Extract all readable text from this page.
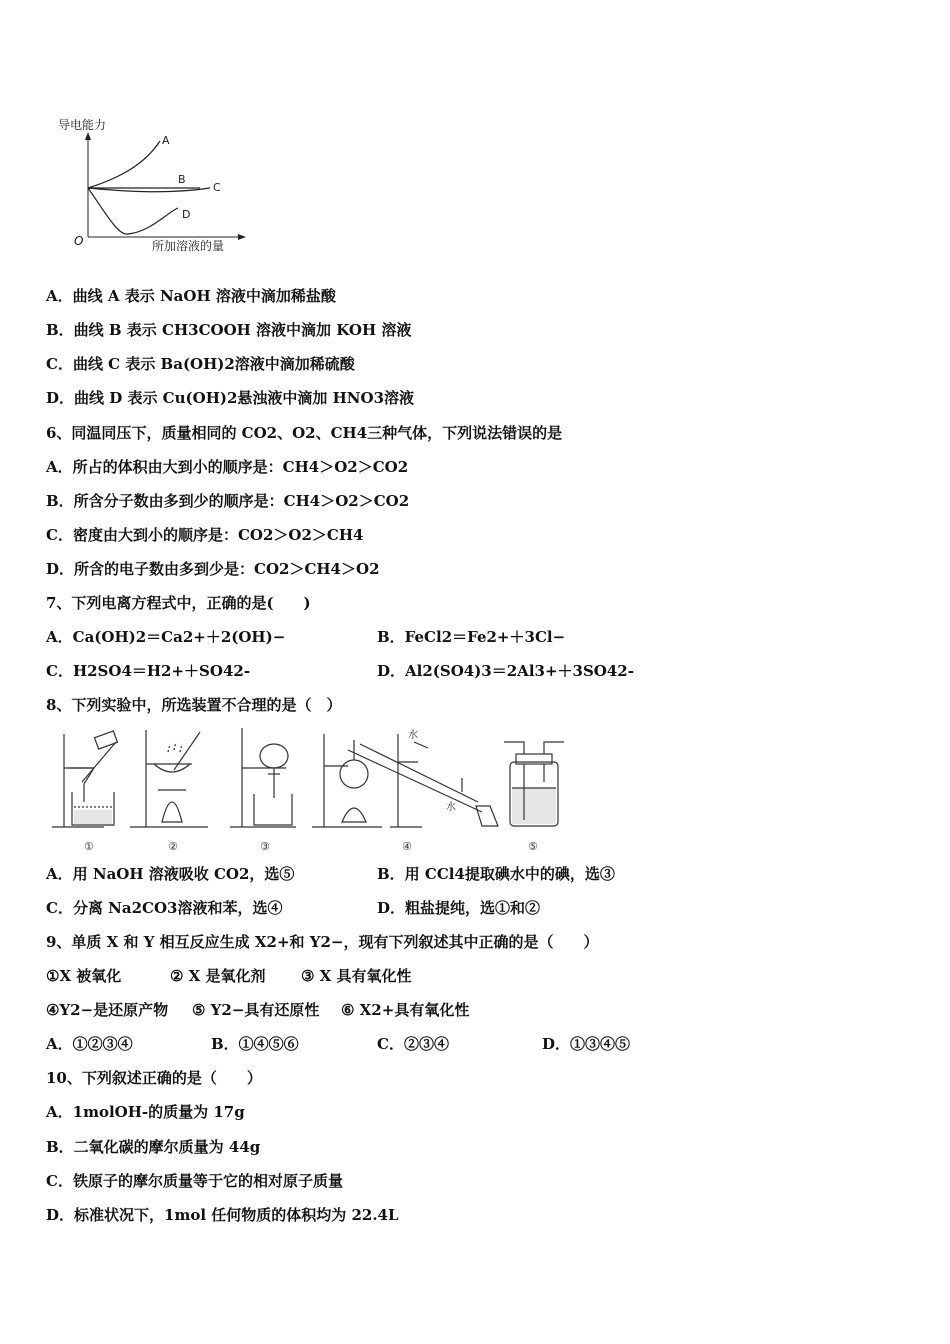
导电能力
O	所加溶液的量
A
B
C
D
A．曲线 A 表示 NaOH 溶液中滴加稀盐酸
B．曲线 B 表示 CH3COOH 溶液中滴加 KOH 溶液
C．曲线 C 表示 Ba(OH)2溶液中滴加稀硫酸
D．曲线 D 表示 Cu(OH)2悬浊液中滴加 HNO3溶液
6、同温同压下，质量相同的 CO2、O2、CH4三种气体，下列说法错误的是
A．所占的体积由大到小的顺序是：CH4＞O2＞CO2
B．所含分子数由多到少的顺序是：CH4＞O2＞CO2
C．密度由大到小的顺序是：CO2＞O2＞CH4
D．所含的电子数由多到少是：CO2＞CH4＞O2
7、下列电离方程式中，正确的是(　　)
A．Ca(OH)2＝Ca2+＋2(OH)−	B．FeCl2＝Fe2+＋3Cl−
C．H2SO4＝H2+＋SO42-	D．Al2(SO4)3＝2Al3+＋3SO42-
8、下列实验中，所选装置不合理的是（　）
水
水
①	②	③	④	⑤
A．用 NaOH 溶液吸收 CO2，选⑤	B．用 CCl4提取碘水中的碘，选③
C．分离 Na2CO3溶液和苯，选④	D．粗盐提纯，选①和②
9、单质 X 和 Y 相互反应生成 X2+和 Y2−，现有下列叙述其中正确的是（　　）
①X 被氧化	② X 是氧化剂 ③ X 具有氧化性
④Y2−是还原产物 ⑤ Y2−具有还原性 ⑥ X2+具有氧化性
A．①②③④	B．①④⑤⑥	C．②③④	D．①③④⑤
10、下列叙述正确的是（　　）
A．1molOH-的质量为 17g
B．二氧化碳的摩尔质量为 44g
C．铁原子的摩尔质量等于它的相对原子质量
D．标准状况下，1mol 任何物质的体积均为 22.4L
